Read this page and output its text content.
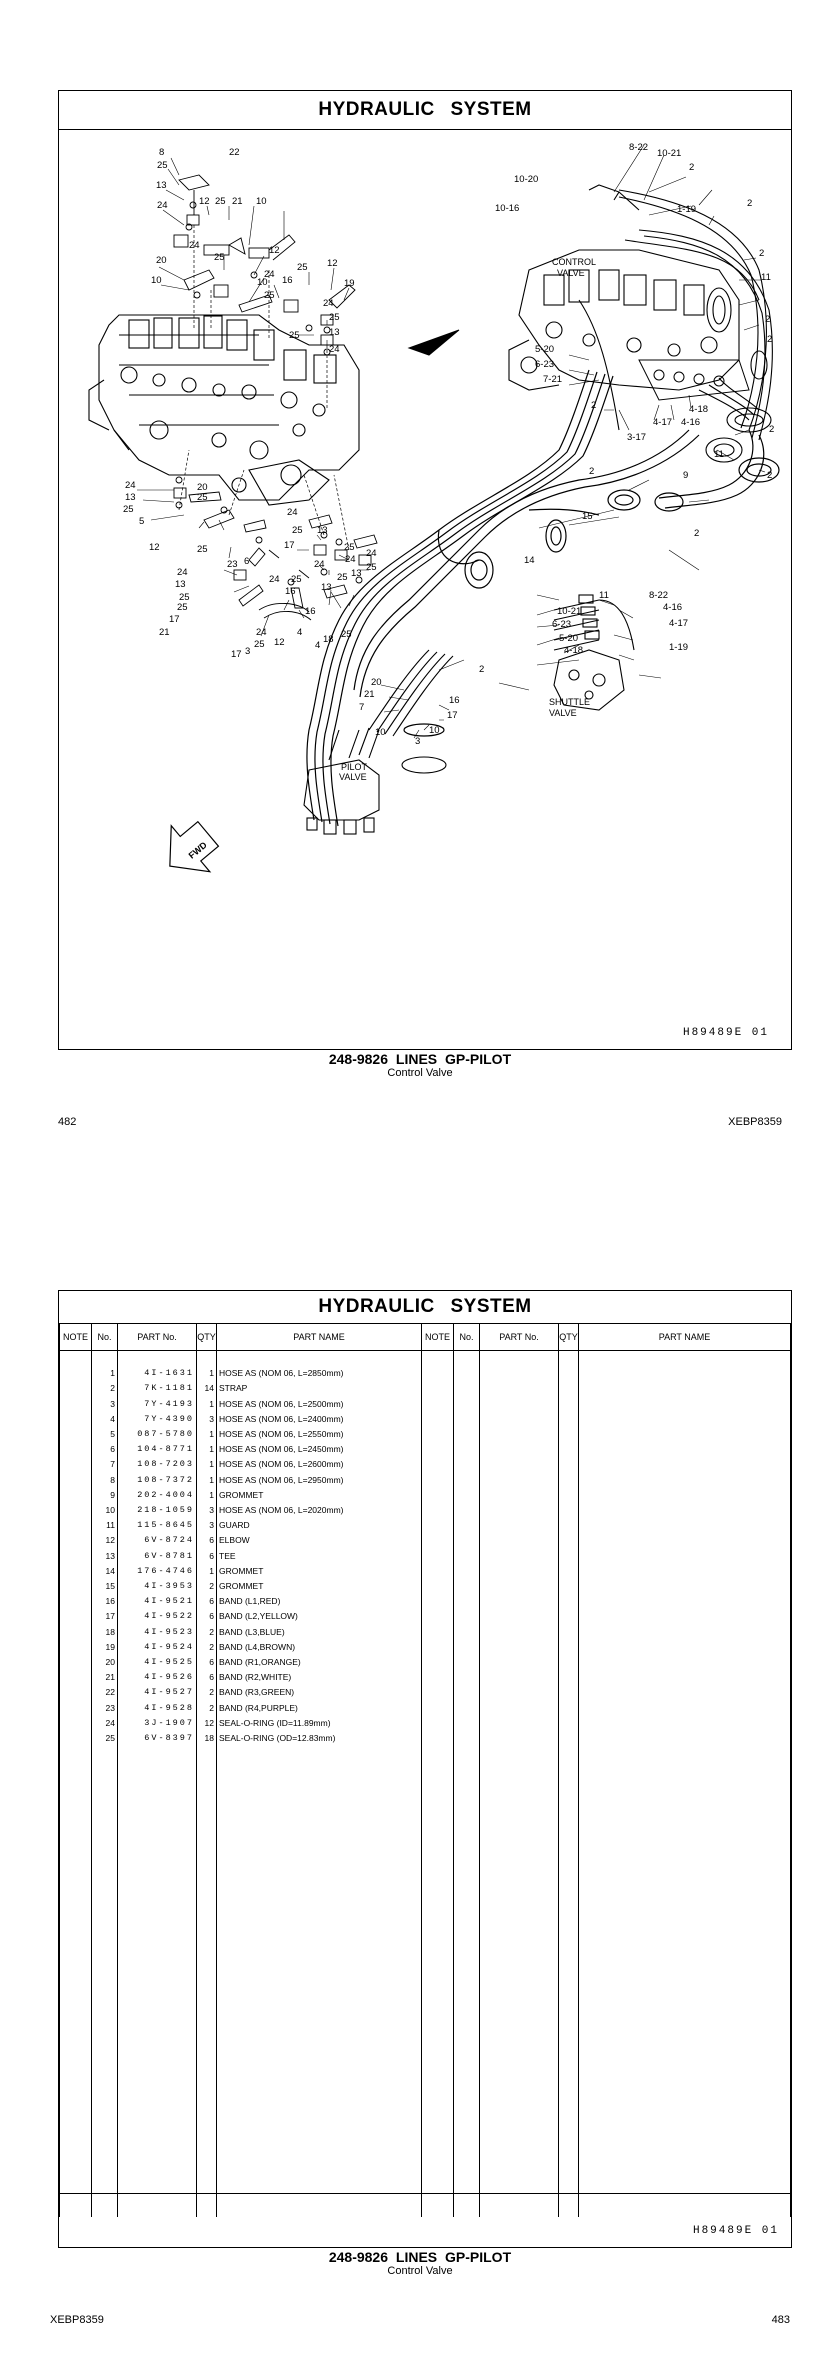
HYDRAULIC SYSTEM
22
8
25
13
24	12 25 21 10
24
20
10
25
12
24
16
10
25
25 12
19
25
13
24
25
24
24
13
25
20
25
5
12	25
23 6
24
13
25
25
17
21	24
17 3
25 12
4
16
4
18 25
24
13
25
24
13
25
24
25
24
16
25
24
25
17
13
8-22
10-21
10-20
10-16
2
1-19
2
2
11
2
5-20
6-23
7-21
2
3-17
4-17 4-16
4-18
2
2
11
9	2
2
15
2
14
11	8-22
4-16
10-21
6-23	4-17
5-20
4-18	1-19
2
20
21
7
16
17
10
3
10
CONTROL
VALVE
SHUTTLE
VALVE
PILOT
VALVE
FWD
H89489E 01
248-9826 LINES GP-PILOT
Control Valve
482	XEBP8359
HYDRAULIC SYSTEM
NOTE	No.	PART No.	QTY	PART NAME	NOTE	No.	PART No.	QTY	PART NAME

	1	4I-1631	1	HOSE AS (NOM 06, L=2850mm)					
	2	7K-1181	14	STRAP					
	3	7Y-4193	1	HOSE AS (NOM 06, L=2500mm)					
	4	7Y-4390	3	HOSE AS (NOM 06, L=2400mm)					
	5	087-5780	1	HOSE AS (NOM 06, L=2550mm)					
	6	104-8771	1	HOSE AS (NOM 06, L=2450mm)					
	7	108-7203	1	HOSE AS (NOM 06, L=2600mm)					
	8	108-7372	1	HOSE AS (NOM 06, L=2950mm)					
	9	202-4004	1	GROMMET					
	10	218-1059	3	HOSE AS (NOM 06, L=2020mm)					
	11	115-8645	3	GUARD					
	12	6V-8724	6	ELBOW					
	13	6V-8781	6	TEE					
	14	176-4746	1	GROMMET					
	15	4I-3953	2	GROMMET					
	16	4I-9521	6	BAND (L1,RED)					
	17	4I-9522	6	BAND (L2,YELLOW)					
	18	4I-9523	2	BAND (L3,BLUE)					
	19	4I-9524	2	BAND (L4,BROWN)					
	20	4I-9525	6	BAND (R1,ORANGE)					
	21	4I-9526	6	BAND (R2,WHITE)					
	22	4I-9527	2	BAND (R3,GREEN)					
	23	4I-9528	2	BAND (R4,PURPLE)					
	24	3J-1907	12	SEAL-O-RING (ID=11.89mm)					
	25	6V-8397	18	SEAL-O-RING (OD=12.83mm)					

H89489E 01
248-9826 LINES GP-PILOT
Control Valve
XEBP8359	483
